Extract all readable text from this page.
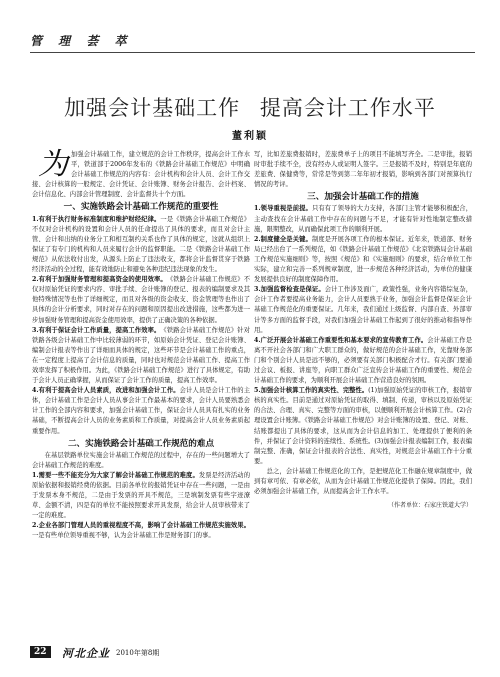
管 理 荟 萃
加强会计基础工作 提高会计工作水平
董利颖

为加强会计基础工作，建立规范的会计工作秩序，提高会计工作水平，铁道部于2006年发布的《铁路会计基础工作规范》中明确会计基础工作规范的内容有：会计机构和会计人员、会计工作交接、会计核算的一般规定、会计凭证、会计账簿、财务会计报告、会计档案、会计信息化、内部会计管理制度、会计监督共十个方面。

一、实施铁路会计基础工作规范的重要性

1.有利于执行财务标准制度和维护财经纪律。一是《铁路会计基础工作规范》不仅对会计机构的设置和会计人员的任命提出了具体的要求，而且对会计主管、会计和出纳的业务分工和相互制约关系也作了具体的规定，这就从组织上保证了有专门的机构和人员来履行会计的监督职能。二是《铁路会计基础工作规范》从依法收付出发，从源头上防止了违法收支，都将会计监督贯穿于铁路经济活动的全过程，能有效地防止和避免各种违纪违法现象的发生。

2.有利于加强财务管理和提高资金的使用效率。《铁路会计基础工作规范》不仅对原始凭证的要求内容、审批手续、会计账簿的登记、报表的编制要求及其他特殊情况等也作了详细规定，而且对各级的资金收支、资金管理等也作出了具体的会计分析要求，同时对存在的问题和原因提出改进措施，这些都为进一步加强财务管理和提高资金使用效率，提供了正确决策的各种依据。

3.有利于保证会计工作质量，提高工作效率。《铁路会计基础工作规范》针对铁路各级会计基础工作中比较薄弱的环节，如原始会计凭证、登记会计账簿、编制会计报表等作出了详细而具体的规定，这些环节是会计基础工作的重点，在一定程度上提高了会计信息的质量，同时也对规范会计基础工作、提高工作效率发挥了积极作用。为此，《铁路会计基础工作规范》进行了具体规定，有助于会计人员正确掌握，从而保证了会计工作的质量，提高工作效率。

4.有利于提高会计人员素质，改进和加强会计工作。会计人员是会计工作的主体，会计基础工作是会计人员从事会计工作最基本的要求，会计人员要熟悉会计工作的全部内容和要求，加强会计基础工作，保证会计人员具有扎实的业务基础，不断提高会计人员的业务素质和工作质量，对提高会计人员业务素质起重要作用。

二、实施铁路会计基础工作规范的难点

在基层铁路单位实施会计基础工作规范的过程中，存在的一些问题增大了会计基础工作规范的难度。

1.需要一些不能充分为大家了解会计基础工作规范的难度。发票是经济活动的原始依据和报销经费的依据。目前各单位的报销凭证中存在一些问题，一是由于发票本身不规范，二是由于发票的开具不规范，三是填制发票有些字迹潦草、金额不清，四是有的单位不能按照要求开具发票，给会计人员审核带来了一定的难度。

2.企业各部门管理人员的重视程度不高，影响了会计基础工作规范实施效果。一是有些单位领导重视不够，认为会计基础工作是财务部门的事。

写，比如差旅费报销时，差旅费单子上的项目不能填写齐全。二是审批，报销时审批手续不全，没有经办人或证明人签字。三是报销不及时，特别是年底的差旅费、保健费等，常常是等到第二年年初才报销，影响到各部门对预算执行情况的考评。

三、加强会计基础工作的措施

1.领导重视是前提。只有有了领导的大力支持，各部门主管才能够积极配合，主动查找在会计基础工作中存在的问题与不足，才能有针对性地制定整改措施，限期整改，从而确保此项工作的顺利开展。

2.制度健全是关键。制度是开展各项工作的根本保证。近年来，铁道部、财务局已经出台了一系列规范，如《铁路会计基础工作规范》《北京铁路局会计基础工作规范实施细则》等，按照《规范》和《实施细则》的要求，结合单位工作实际，建立和完善一系列规章制度，进一步规范各种经济活动，为单位的健康发展提供良好的制度保障作用。

3.加强监督检查是保证。会计工作涉及面广，政策性强，业务内容错综复杂，会计工作者要提高业务能力，会计人员要熟于业务，加强会计监督是保证会计基础工作规范化的重要保证。几年来，我们通过上级监督、内部自查、外部审计等多方面的监督手段，对我们加强会计基础工作起到了很好的推动和指导作用。

4.广泛开展会计基础工作重要性和基本要求的宣传教育工作。会计基础工作是离不开社会各部门和广大职工群众的，做好规范的会计基础工作，光靠财务部门和个别会计人员是远不够的，必须要有关部门积极配合才行。有关部门要通过会议、板报、讲座等，向职工群众广泛宣传会计基础工作的重要性、规范会计基础工作的要求，为顺利开展会计基础工作营造良好的氛围。

5.加强会计核算工作的真实性、完整性。(1)加强原始凭证的审核工作，报销审核的真实性。目前是通过对原始凭证的取得、填制、传递，审核以及原始凭证的合法、合理、真实、完整等方面的审核，以便顺利开展会计核算工作。(2)合理设置会计账簿。《铁路会计基础工作规范》对会计账簿的设置、登记、对账、结账都提出了具体的要求，这从而为会计信息的加工、处理提供了便利的条件，并保证了会计资料的连续性、系统性。(3)加强会计报表编制工作，报表编制完整、准确，保证会计报表的合法性、真实性，对规范会计基础工作十分重要。

总之，会计基础工作规范化的工作，是把规范化工作融在规章制度中，做到有章可依、有章必依，从而为会计基础工作规范化提供了保障。因此，我们必须加强会计基础工作，从而提高会计工作水平。

（作者单位：石家庄铁道大学）
22	河北企业 2010年第8期
